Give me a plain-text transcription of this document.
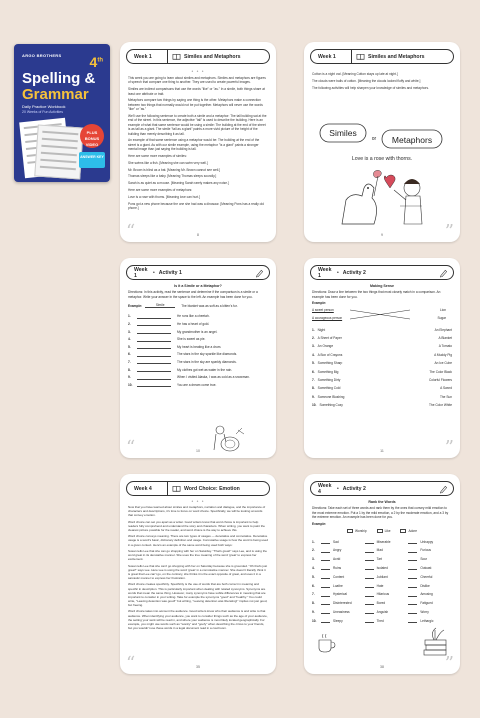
ARGO BROTHERS 4th
Spelling &
Grammar
Daily Practice Workbook
20 Weeks of Fun Activities
PLUS BONUS VIDEO
ANSWER KEY
Week 1	Similes and Metaphors
• • •

This week you are going to learn about similes and metaphors. Similes and metaphors are figures of speech that compare one thing to another. They are used to create powerful images.

Similes are indirect comparisons that use the words "like" or "as." In a simile, both things share at least one attribute or trait.

Metaphors compare two things by saying one thing is the other. Metaphors make a connection between two things that normally would not be put together. Metaphors will never use the words "like" or "as."

We'll use the following sentence to create both a simile and a metaphor: The tall building sat at the end of the street. In this sentence, the adjective "tall" is used to describe the building. Here is an example of what that same sentence would be using a simile: The building at the end of the street is as tall as a giant. The simile "tall as a giant" paints a more vivid picture of the height of the building than merely describing it as tall.

An example of that same sentence using a metaphor would be: The building at the end of the street is a giant. As with our simile example, using the metaphor "is a giant" paints a stronger mental image than just saying the building is tall.

Here are some more examples of similes:

She swims like a fish. [Meaning she can swim very well.]

Mr. Brown is blind as a bat. [Meaning Mr. Brown cannot see well.]

Thomas sleeps like a baby. [Meaning Thomas sleeps soundly.]

Sarah is as quiet as a mouse. [Meaning Sarah rarely makes any noise.]

Here are some more examples of metaphors:

Love is a rose with thorns. [Meaning love can hurt.]

Pons got a new phone because the one she had was a dinosaur. [Meaning Pons has a really old phone.]

“	8
Week 1	Similes and Metaphors

Cotton is a night owl. [Meaning Cotton stays up late at night.]

The clouds were balls of cotton. [Meaning the clouds looked fluffy and white.]

The following activities will help sharpen your knowledge of similes and metaphors.

Similes
or Metaphors
Love is a rose with thorns.
”
9
Week 1	• Activity 1
Is it a Simile or a Metaphor?
Directions: In this activity, read the sentence and determine if the comparison is a simile or a metaphor. Write your answer in the space to the left. An example has been done for you.
Example:	Simile	The blanket was as soft as a kitten's fur.
1.	He runs like a cheetah.
2.	He has a heart of gold.
3.	My grandmother is an angel.
4.	She is sweet as pie.
5.	My heart is beating like a drum.
6.	The stars in the sky sparkle like diamonds.
7.	The stars in the sky are sparkly diamonds.
8.	My clothes got wet as water in the rain.
9.	When I visited Alaska, I was as cold as a snowman.
10.	You are a dream come true.
“	10
Week 1	• Activity 2
Making Sense
Directions: Draw a line between the two things that most closely match in a comparison. An example has been done for you.
Example:
A sweet person
A courageous person
Lion
Sugar
1. Night	An Elephant
2. A Sheet of Paper	A Blanket
3. An Orange	A Tomato
4. A Box of Crayons	A Muddy Pig
5. Something Sharp	An Ice Cube
6. Something Big	The Color Black
7. Something Dirty	Colorful Flowers
8. Something Cold	A Sword
9. Someone Blushing	The Sun
10. Something Cozy	The Color White
”
11
Week 4	Word Choice: Emotion
• • •

Now that you have learned about similes and metaphors, narration and dialogue, and the importance of characters and descriptions, it's time to focus on word choice. Specifically, we will be looking at words that convey emotion.

Word choice can set you apart as a writer. Good writers know that word choice is important to help readers fully comprehend and understand the story and characters. When writing, you want to paint the clearest picture possible for the reader, and word choice is the way to achieve this.

Word choice conveys meaning. There are two types of usages — denotative and connotative. Denotative usage is a word's basic, dictionary definition and usage. Connotative usage is how the word is being used in a given context. Here's an example of the same word being used both ways:

Susan tells Lee that she can go shopping with her on Saturday. "That's great!" says Lee, and is using the word great in its denotative manner. She uses the true meaning of the word 'great' to express her excitement.

Susan tells Lee that she can't go shopping with her on Saturday because she is grounded. "Oh that's just great!" says Lee. Here Lee is using the word 'great' in a connotative manner. She doesn't literally think it is great that Lee can't go, on the contrary, she thinks it is the exact opposite of great, and uses it in a sarcastic manner to express her frustration.

Word choice creates specificity. Specificity is the use of words that are both correct in meaning and specific in description. This is particularly important when dealing with related synonyms. Synonyms are words that mean the same thing. However, many synonyms have subtle differences in meaning that are important to consider in your writing. Take for example the synonyms "good" and "healthy." You could write, "Leaving detention was good!" but writing, "Leaving detention was liberating!" implies not just good, but freeing.

Word choice takes into account the audience. Good writers know who their audience is and write to that audience. When identifying your audience, you want to consider things such as the age of your audience, the setting your work will be read in, and where your audience is most likely located geographically. For example, you might use words such as "wonky" and "goofy" when describing the circus to your friends, but you wouldn't use these words in a legal document read in a courtroom.

“	35
Week 4	• Activity 2
Rank the Words
Directions: Take each set of three words and rank them by the ones that convey mild emotion to the most extreme emotion. Put a 1 by the mild emotion, a 2 by the moderate emotion, and a 3 by the extreme emotion. An example has been done for you.
Example:
Worship	Like	Adore
1.	Sad	Miserable	Unhappy
2.	Angry	Mad	Furious
3.	Acrid	Tart	Sour
4.	Ruins	Isolated	Outcast
5.	Content	Jubilant	Cheerful
6.	Loathe	Hate	Dislike
7.	Hysterical	Hilarious	Amusing
8.	Disinterested	Bored	Fatigued
9.	Uneasiness	Anguish	Worry
10.	Sleepy	Tired	Lethargic
”
38
